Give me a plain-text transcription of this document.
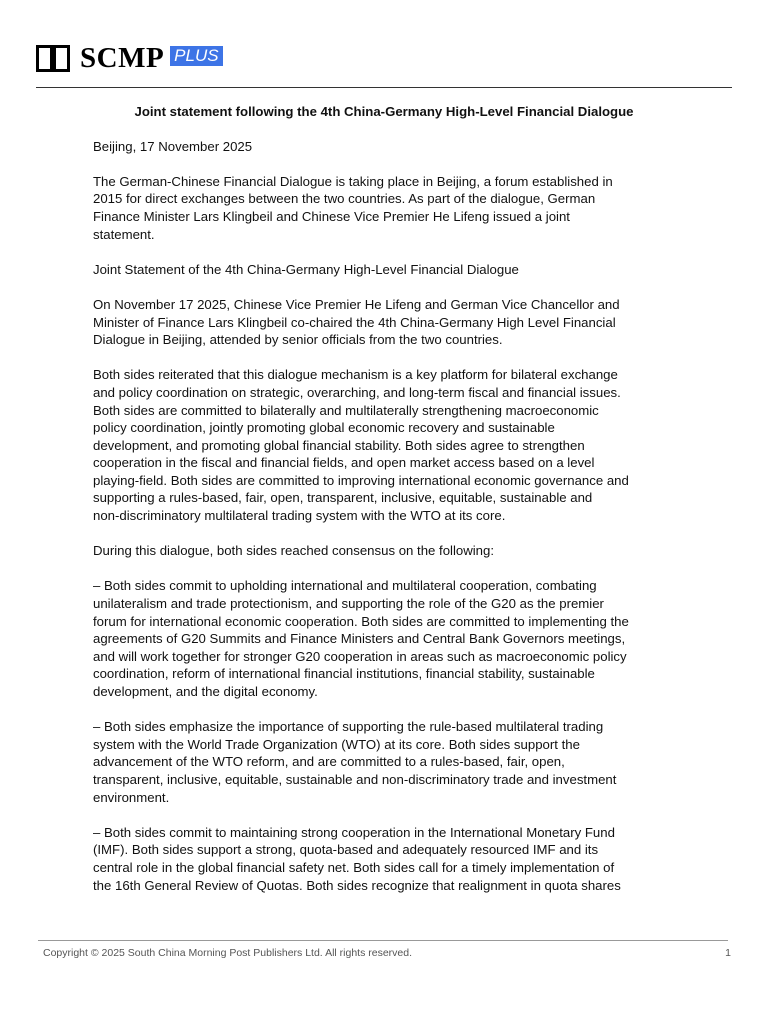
SCMP PLUS
Joint statement following the 4th China-Germany High-Level Financial Dialogue

Beijing, 17 November 2025

The German-Chinese Financial Dialogue is taking place in Beijing, a forum established in
2015 for direct exchanges between the two countries. As part of the dialogue, German
Finance Minister Lars Klingbeil and Chinese Vice Premier He Lifeng issued a joint
statement.

Joint Statement of the 4th China-Germany High-Level Financial Dialogue

On November 17 2025, Chinese Vice Premier He Lifeng and German Vice Chancellor and
Minister of Finance Lars Klingbeil co-chaired the 4th China-Germany High Level Financial
Dialogue in Beijing, attended by senior officials from the two countries.

Both sides reiterated that this dialogue mechanism is a key platform for bilateral exchange
and policy coordination on strategic, overarching, and long-term fiscal and financial issues.
Both sides are committed to bilaterally and multilaterally strengthening macroeconomic
policy coordination, jointly promoting global economic recovery and sustainable
development, and promoting global financial stability. Both sides agree to strengthen
cooperation in the fiscal and financial fields, and open market access based on a level
playing-field. Both sides are committed to improving international economic governance and
supporting a rules-based, fair, open, transparent, inclusive, equitable, sustainable and
non-discriminatory multilateral trading system with the WTO at its core.

During this dialogue, both sides reached consensus on the following:

– Both sides commit to upholding international and multilateral cooperation, combating
unilateralism and trade protectionism, and supporting the role of the G20 as the premier
forum for international economic cooperation. Both sides are committed to implementing the
agreements of G20 Summits and Finance Ministers and Central Bank Governors meetings,
and will work together for stronger G20 cooperation in areas such as macroeconomic policy
coordination, reform of international financial institutions, financial stability, sustainable
development, and the digital economy.

– Both sides emphasize the importance of supporting the rule-based multilateral trading
system with the World Trade Organization (WTO) at its core. Both sides support the
advancement of the WTO reform, and are committed to a rules-based, fair, open,
transparent, inclusive, equitable, sustainable and non-discriminatory trade and investment
environment.

– Both sides commit to maintaining strong cooperation in the International Monetary Fund
(IMF). Both sides support a strong, quota-based and adequately resourced IMF and its
central role in the global financial safety net. Both sides call for a timely implementation of
the 16th General Review of Quotas. Both sides recognize that realignment in quota shares

Copyright © 2025 South China Morning Post Publishers Ltd. All rights reserved.	1
